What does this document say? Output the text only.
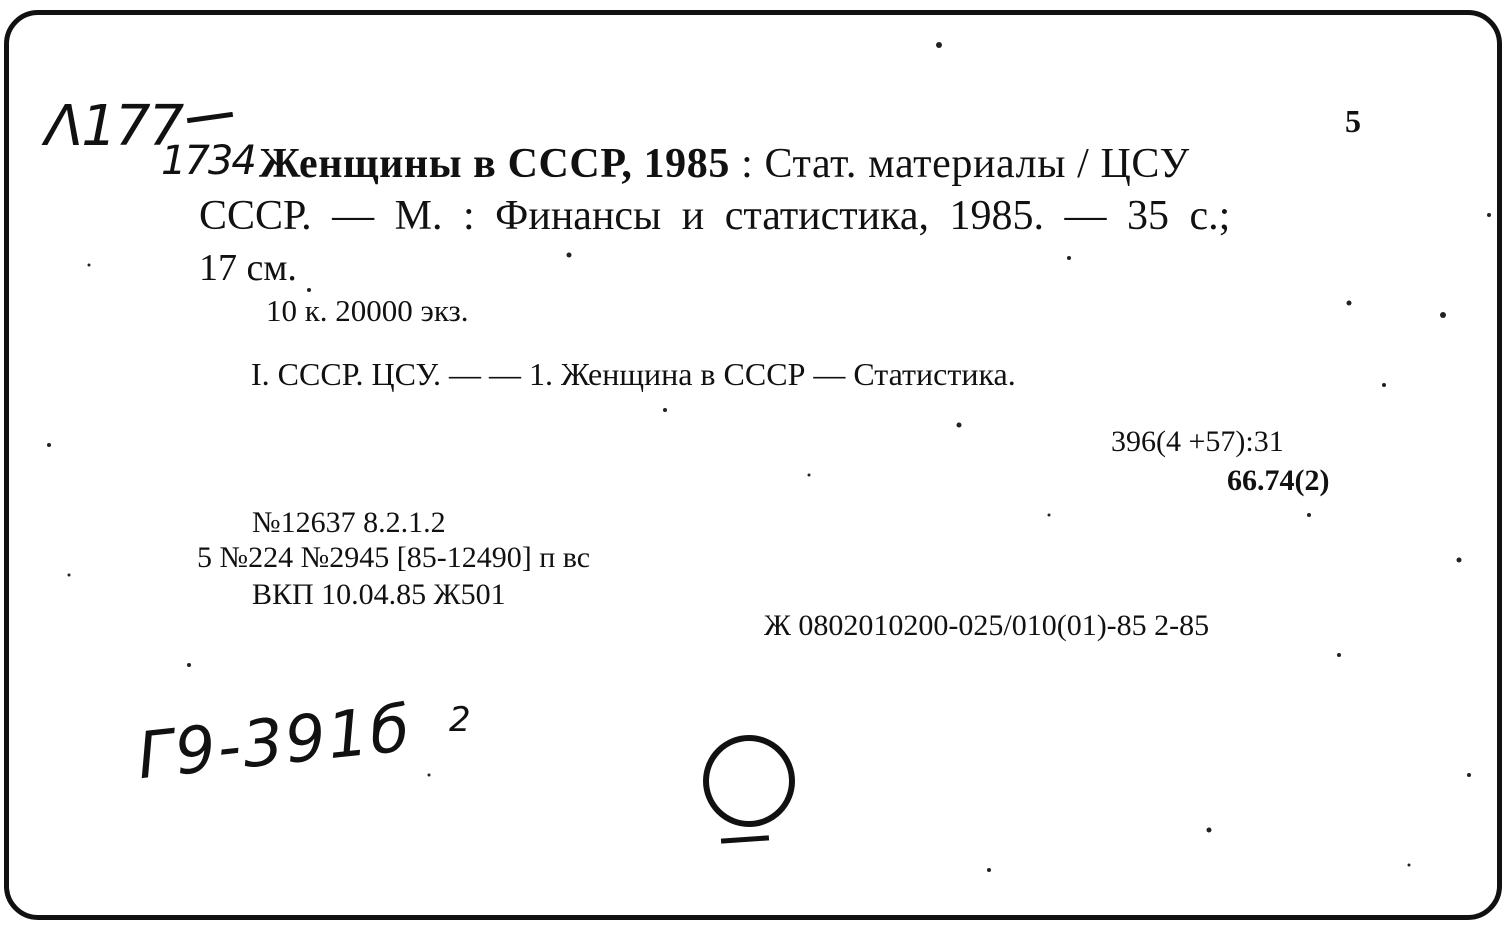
Λ177
1734
5
Женщины в СССР, 1985 : Стат. материалы / ЦСУ
СССР. — М. : Финансы и статистика, 1985. — 35 с.;
17 см.
10 к. 20000 экз.
I. СССР. ЦСУ. — — 1. Женщина в СССР — Статистика.
396(4 +57):31
66.74(2)
№12637 8.2.1.2
5 №224 №2945 [85-12490] п вс
ВКП 10.04.85 Ж501
Ж 0802010200-025/010(01)-85 2-85
Г9-391б 2
